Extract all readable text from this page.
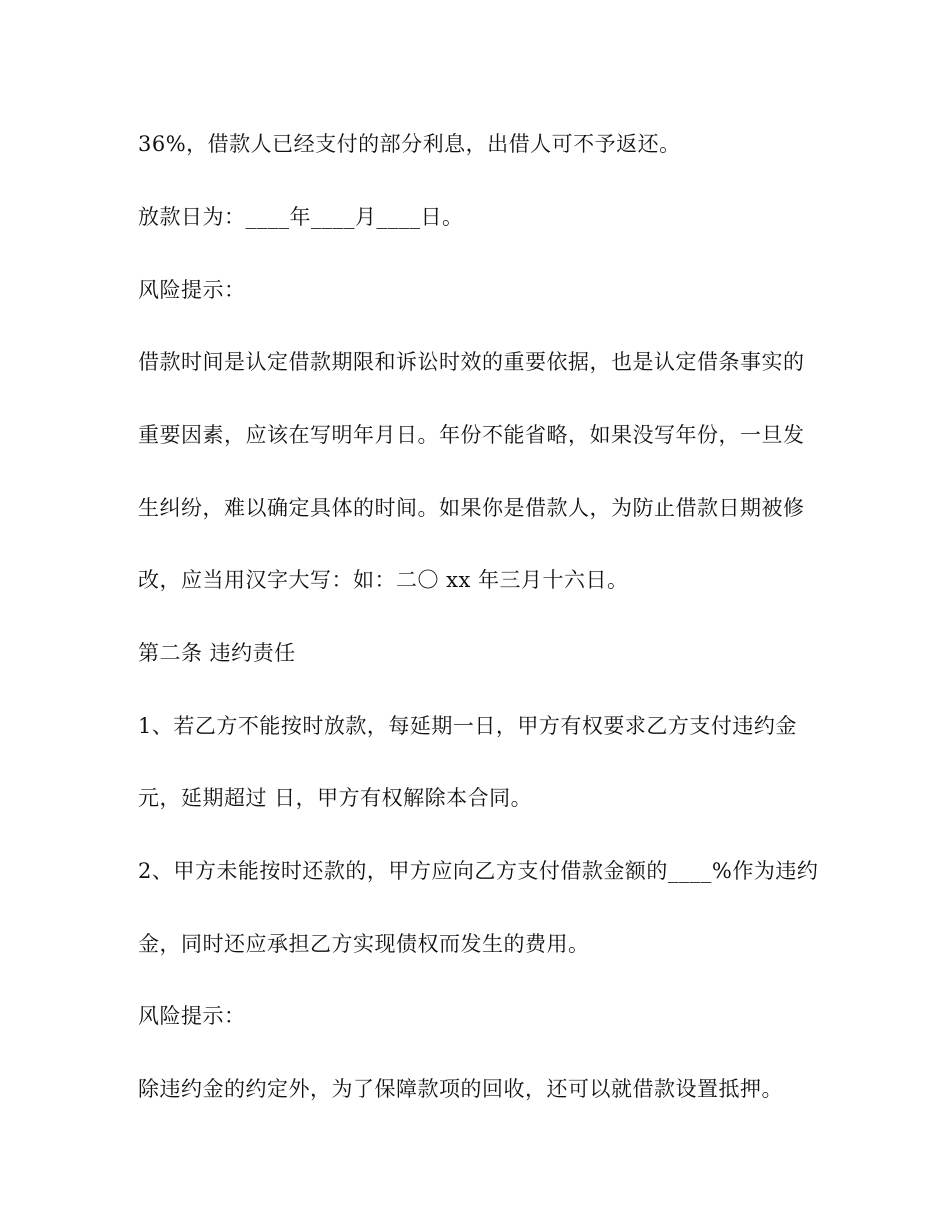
36%，借款人已经支付的部分利息，出借人可不予返还。
放款日为：____年____月____日。
风险提示：
借款时间是认定借款期限和诉讼时效的重要依据，也是认定借条事实的
重要因素，应该在写明年月日。年份不能省略，如果没写年份，一旦发
生纠纷，难以确定具体的时间。如果你是借款人，为防止借款日期被修
改，应当用汉字大写：如：二〇 xx 年三月十六日。
第二条 违约责任
1、若乙方不能按时放款，每延期一日，甲方有权要求乙方支付违约金
元，延期超过 日，甲方有权解除本合同。
2、甲方未能按时还款的，甲方应向乙方支付借款金额的____%作为违约
金，同时还应承担乙方实现债权而发生的费用。
风险提示：
除违约金的约定外，为了保障款项的回收，还可以就借款设置抵押。
